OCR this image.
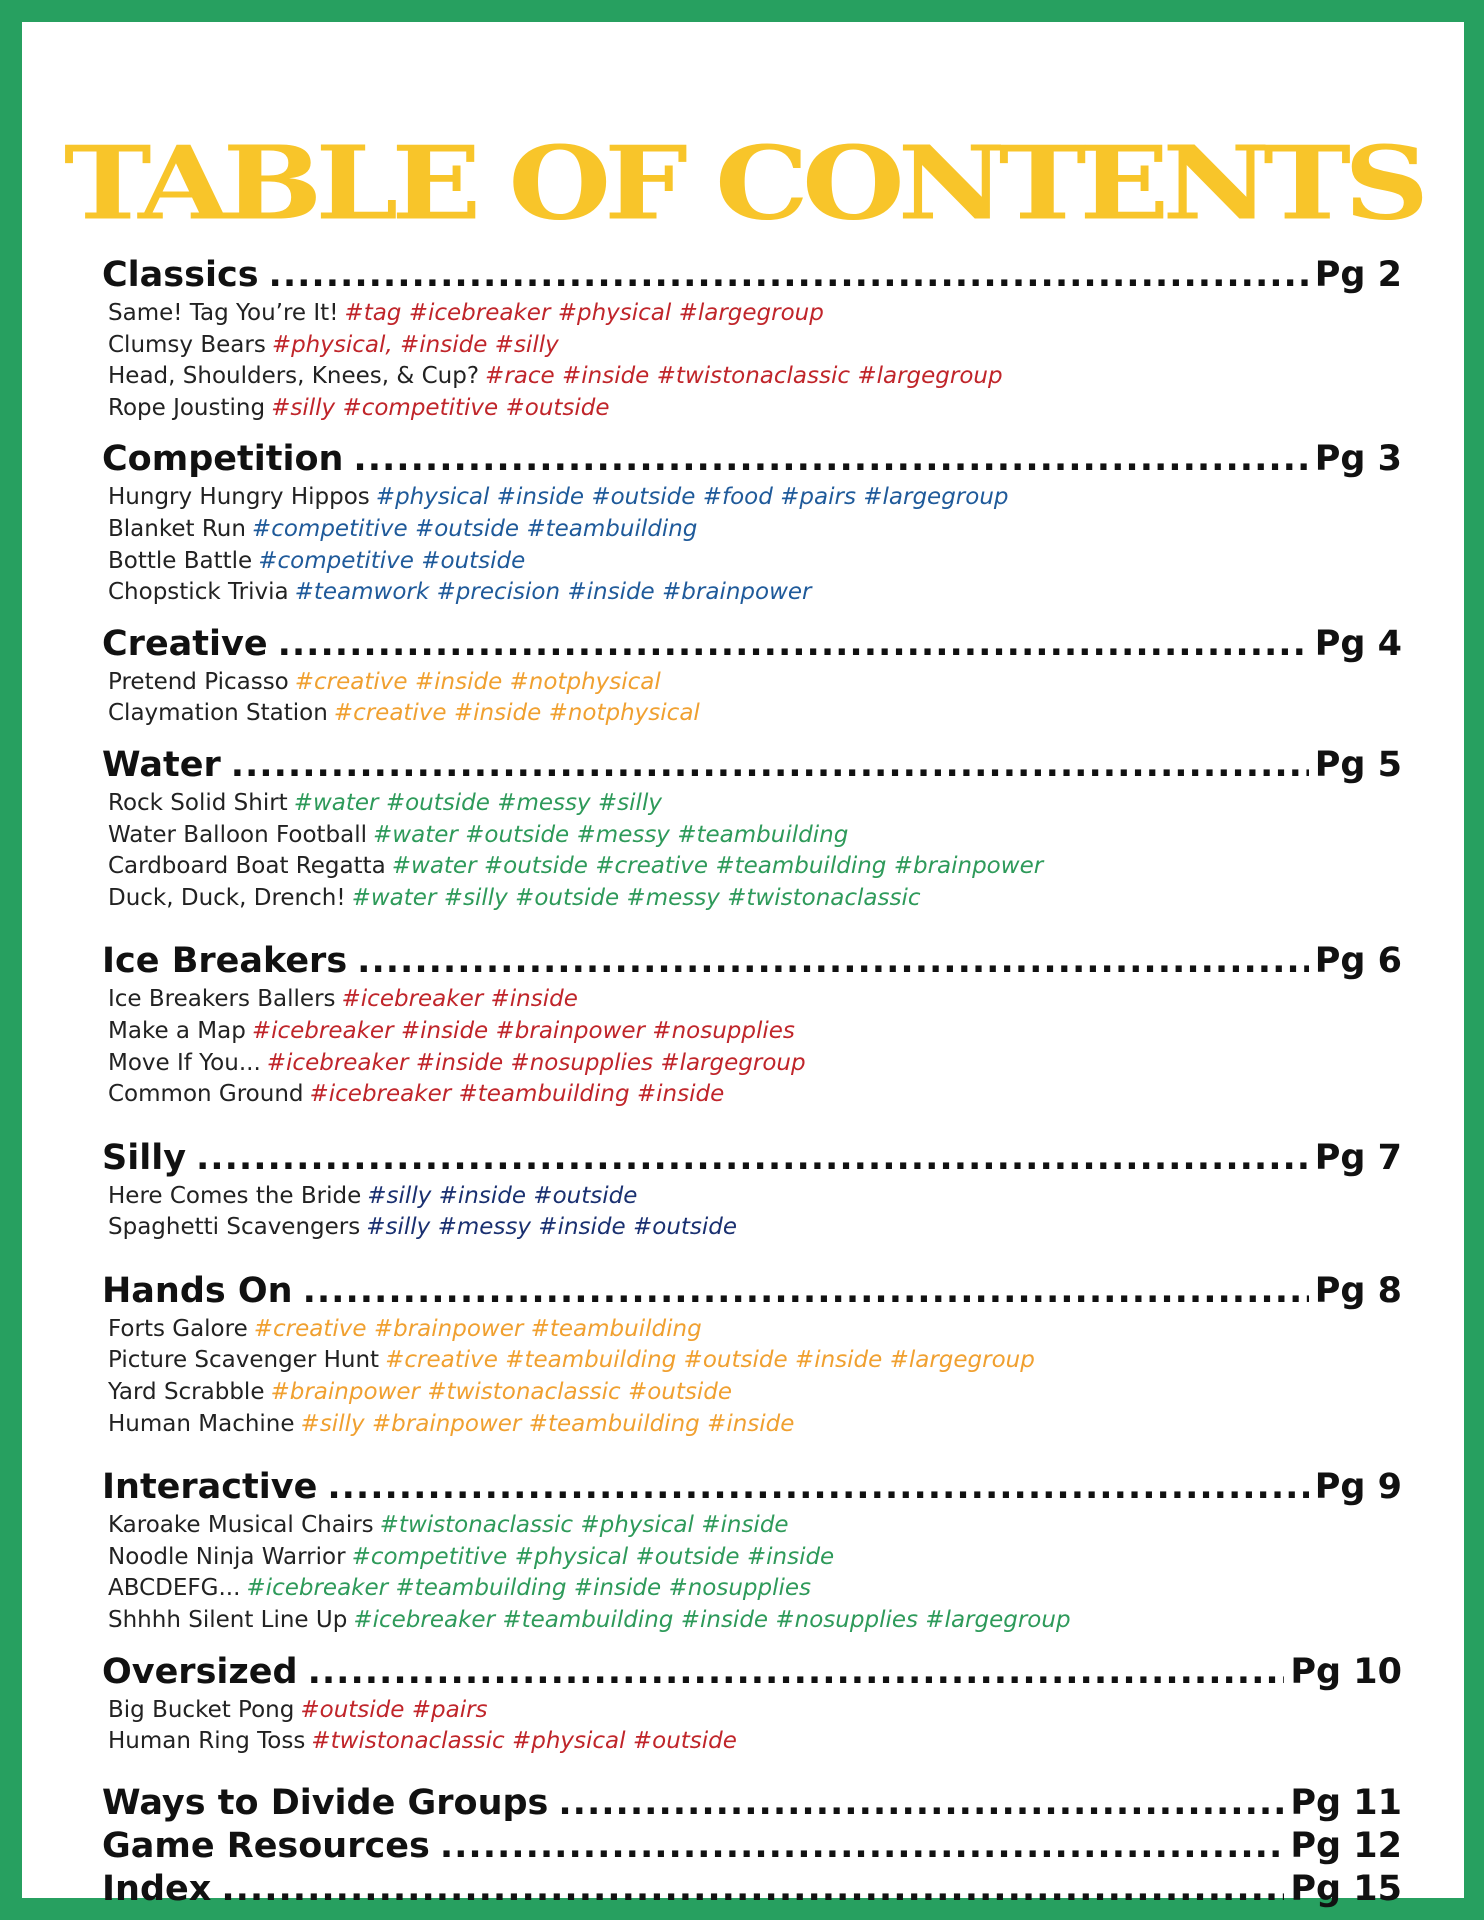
TABLE OF CONTENTS
Classics .....	Pg 2
Same! Tag You’re It! #tag #icebreaker #physical #largegroup
Clumsy Bears #physical, #inside #silly
Head, Shoulders, Knees, & Cup? #race #inside #twistonaclassic #largegroup
Rope Jousting #silly #competitive #outside
Competition .....	Pg 3
Hungry Hungry Hippos #physical #inside #outside #food #pairs #largegroup
Blanket Run #competitive #outside #teambuilding
Bottle Battle #competitive #outside
Chopstick Trivia #teamwork #precision #inside #brainpower
Creative .....	Pg 4
Pretend Picasso #creative #inside #notphysical
Claymation Station #creative #inside #notphysical
Water .....	Pg 5
Rock Solid Shirt #water #outside #messy #silly
Water Balloon Football #water #outside #messy #teambuilding
Cardboard Boat Regatta #water #outside #creative #teambuilding #brainpower
Duck, Duck, Drench! #water #silly #outside #messy #twistonaclassic
Ice Breakers .....	Pg 6
Ice Breakers Ballers #icebreaker #inside
Make a Map #icebreaker #inside #brainpower #nosupplies
Move If You... #icebreaker #inside #nosupplies #largegroup
Common Ground #icebreaker #teambuilding #inside
Silly .....	Pg 7
Here Comes the Bride #silly #inside #outside
Spaghetti Scavengers #silly #messy #inside #outside
Hands On .....	Pg 8
Forts Galore #creative #brainpower #teambuilding
Picture Scavenger Hunt #creative #teambuilding #outside #inside #largegroup
Yard Scrabble #brainpower #twistonaclassic #outside
Human Machine #silly #brainpower #teambuilding #inside
Interactive .....	Pg 9
Karoake Musical Chairs #twistonaclassic #physical #inside
Noodle Ninja Warrior #competitive #physical #outside #inside
ABCDEFG... #icebreaker #teambuilding #inside #nosupplies
Shhhh Silent Line Up #icebreaker #teambuilding #inside #nosupplies #largegroup
Oversized .....	Pg 10
Big Bucket Pong #outside #pairs
Human Ring Toss #twistonaclassic #physical #outside
Ways to Divide Groups .....	Pg 11
Game Resources .....	Pg 12
Index .....	Pg 15
